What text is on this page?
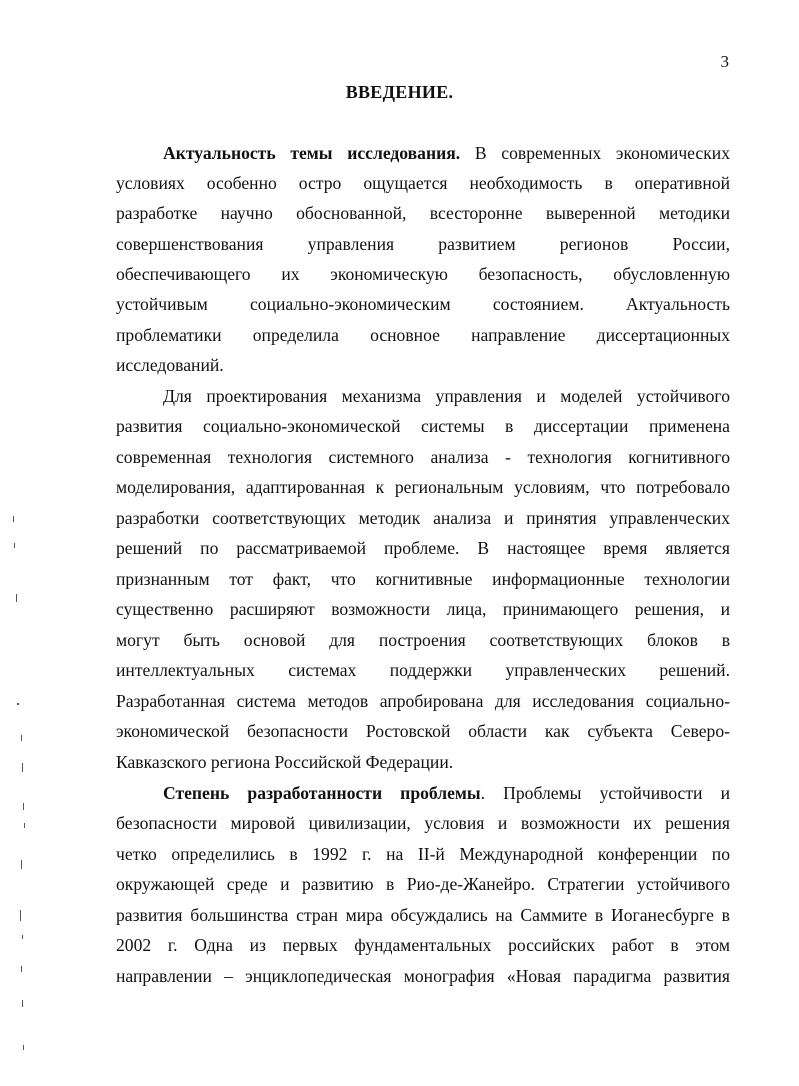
3
ВВЕДЕНИЕ.
Актуальность темы исследования. В современных экономических
условиях особенно остро ощущается необходимость в оперативной
разработке научно обоснованной, всесторонне выверенной методики
совершенствования управления развитием регионов России,
обеспечивающего их экономическую безопасность, обусловленную
устойчивым социально-экономическим состоянием. Актуальность
проблематики определила основное направление диссертационных
исследований.
Для проектирования механизма управления и моделей устойчивого
развития социально-экономической системы в диссертации применена
современная технология системного анализа - технология когнитивного
моделирования, адаптированная к региональным условиям, что потребовало
разработки соответствующих методик анализа и принятия управленческих
решений по рассматриваемой проблеме. В настоящее время является
признанным тот факт, что когнитивные информационные технологии
существенно расширяют возможности лица, принимающего решения, и
могут быть основой для построения соответствующих блоков в
интеллектуальных системах поддержки управленческих решений.
Разработанная система методов апробирована для исследования социально-
экономической безопасности Ростовской области как субъекта Северо-
Кавказского региона Российской Федерации.
Степень разработанности проблемы. Проблемы устойчивости и
безопасности мировой цивилизации, условия и возможности их решения
четко определились в 1992 г. на II-й Международной конференции по
окружающей среде и развитию в Рио-де-Жанейро. Стратегии устойчивого
развития большинства стран мира обсуждались на Саммите в Иоганесбурге в
2002 г. Одна из первых фундаментальных российских работ в этом
направлении – энциклопедическая монография «Новая парадигма развития
